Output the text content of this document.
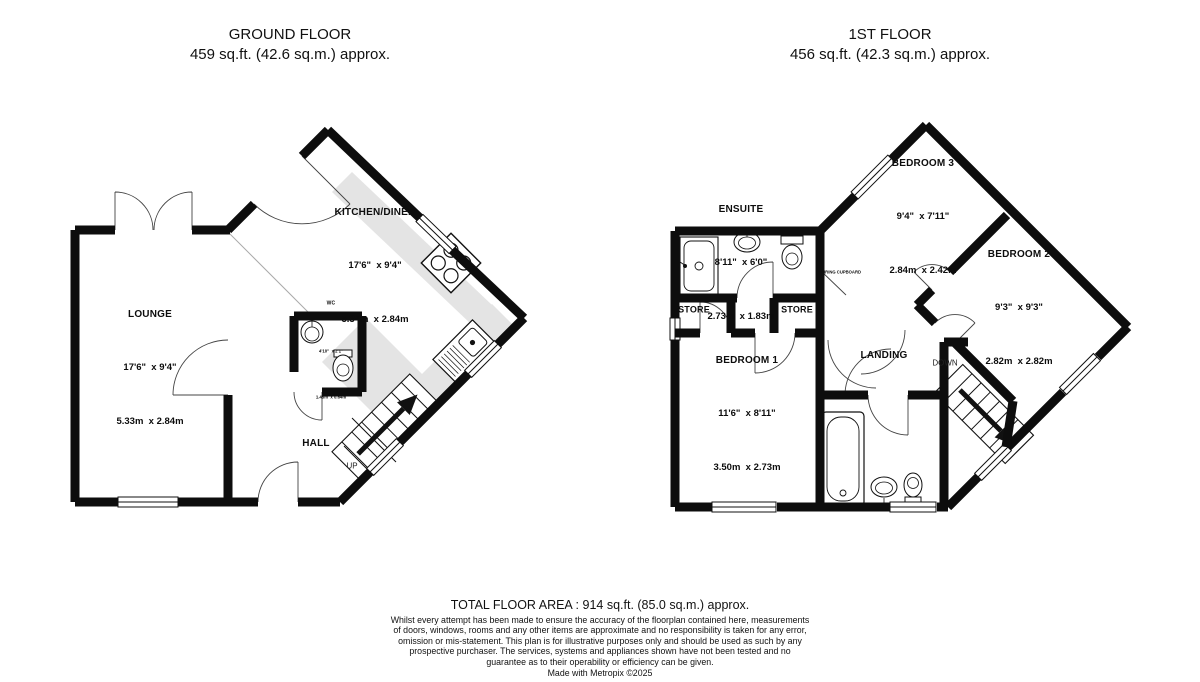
GROUND FLOOR
459 sq.ft. (42.6 sq.m.) approx.
1ST FLOOR
456 sq.ft. (42.3 sq.m.) approx.

LOUNGE

17'6"  x 9'4"

5.33m  x 2.84m

KITCHEN/DINER

17'6"  x 9'4"

5.34m  x 2.84m

WC

4'10"  x 2'1"

1.48m  x 0.64m

HALL

UP

BEDROOM 3

9'4"  x 7'11"

2.84m  x 2.42m

BEDROOM 2

9'3"  x 9'3"

2.82m  x 2.82m

BEDROOM 1

11'6"  x 8'11"

3.50m  x 2.73m

ENSUITE

8'11"  x 6'0"

2.73m  x 1.83m

STORE

	STORE

LANDING

AIRING CUPBOARD
DOWN
TOTAL FLOOR AREA : 914 sq.ft. (85.0 sq.m.) approx.
Whilst every attempt has been made to ensure the accuracy of the floorplan contained here, measurements of doors, windows, rooms and any other items are approximate and no responsibility is taken for any error, omission or mis-statement. This plan is for illustrative purposes only and should be used as such by any prospective purchaser. The services, systems and appliances shown have not been tested and no guarantee as to their operability or efficiency can be given.
Made with Metropix ©2025
